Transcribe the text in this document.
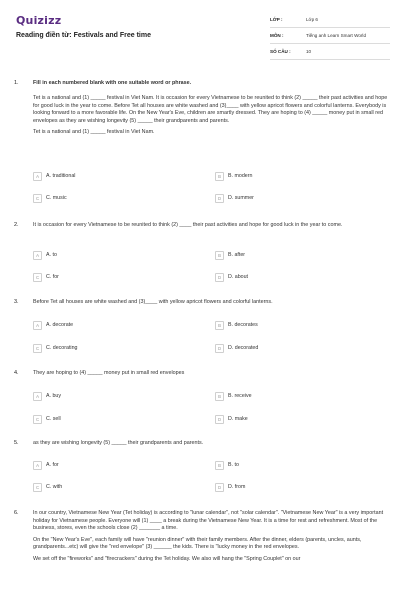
Quizizz
Reading điền từ: Festivals and Free time
LỚP :	Lớp 6
MÔN :	Tiếng anh Learn Smart World
SỐ CÂU :	10
1.	Fill in each numbered blank with one suitable word or phrase.

Tet is a national and (1) _____ festival in Viet Nam. It is occasion for every Vietnamese to be reunited to think (2) _____ their past activities and hope for good luck in the year to come. Before Tet all houses are white washed and (3)____ with yellow apricot flowers and colorful lanterns. Everybody is looking forward to a more favorable life. On the New Year's Eve, children are smartly dressed. They are hoping to (4) _____ money put in small red envelopes as they are wishing longevity (5) _____ their grandparents and parents.

Tet is a national and (1) _____ festival in Viet Nam.

A	A. traditional	B	B. modern
C	C. music	D	D. summer
2.	It is occasion for every Vietnamese to be reunited to think (2) ____ their past activities and hope for good luck in the year to come.
A	A. to	B	B. after
C	C. for	D	D. about
3.	Before Tet all houses are white washed and (3)____ with yellow apricot flowers and colorful lanterns.
A	A. decorate	B	B. decorates
C	C. decorating	D	D. decorated
4.	They are hoping to (4) _____ money put in small red envelopes
A	A. buy	B	B. receive
C	C. sell	D	D. make
5.	as they are wishing longevity (5) _____ their grandparents and parents.
A	A. for	B	B. to
C	C. with	D	D. from
6.	In our country, Vietnamese New Year (Tet holiday) is according to "lunar calendar", not "solar calendar". "Vietnamese New Year" is a very important holiday for Vietnamese people. Everyone will (1) ____ a break during the Vietnamese New Year. It is a time for rest and refreshment. Most of the business, stores, even the schools close (2) _______ a time.

On the "New Year's Eve", each family will have "reunion dinner" with their family members. After the dinner, elders (parents, uncles, aunts, grandparents...etc) will give the "red envelope" (3) ______ the kids. There is "lucky money in the red envelopes.

We set off the "fireworks" and "firecrackers" during the Tet holiday. We also will hang the "Spring Couplet" on our
